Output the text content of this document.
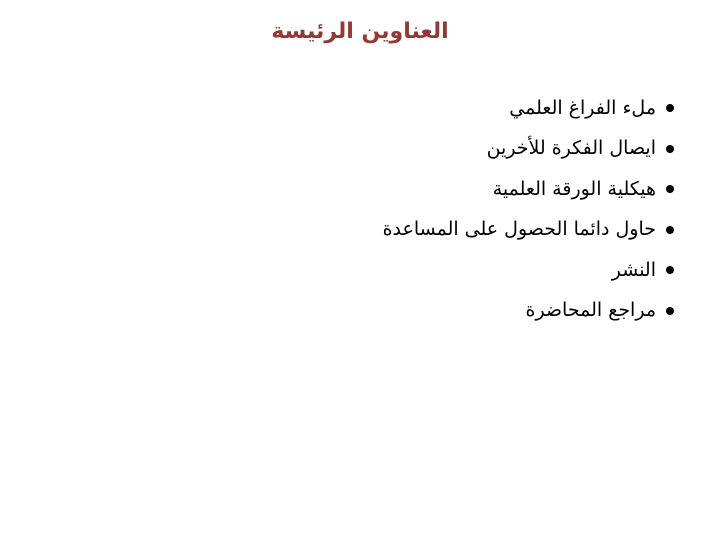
العناوين الرئيسة
ملء الفراغ العلمي
ايصال الفكرة للأخرين
هيكلية الورقة العلمية
حاول دائما الحصول على المساعدة
النشر
مراجع المحاضرة
